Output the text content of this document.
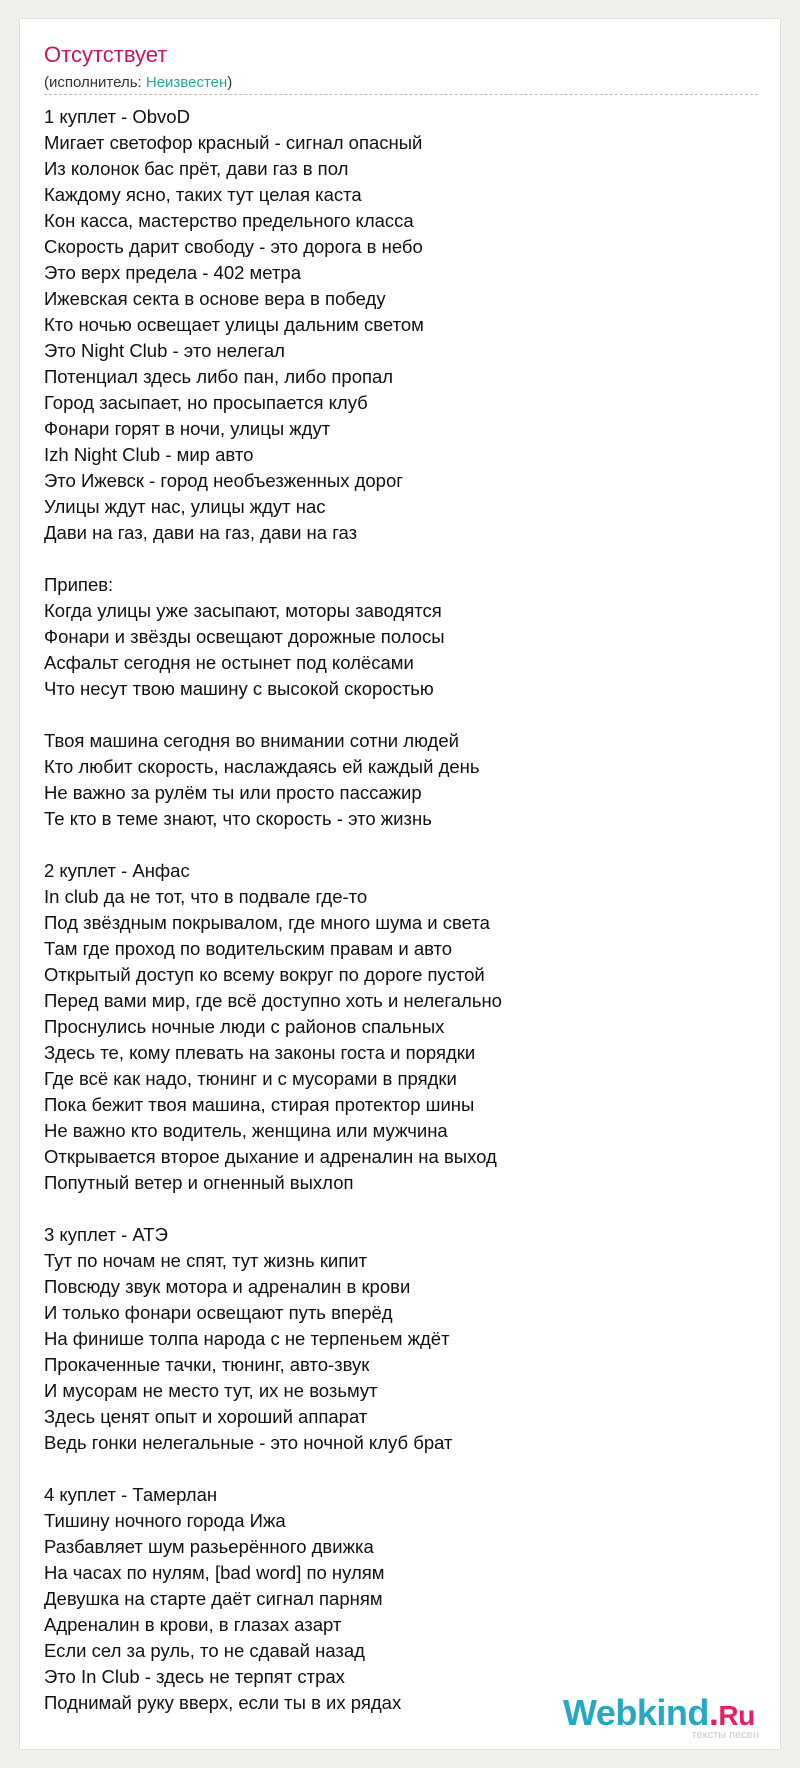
Отсутствует
(исполнитель: Неизвестен)
1 куплет - ObvoD
Мигает светофор красный - сигнал опасный
Из колонок бас прёт, дави газ в пол
Каждому ясно, таких тут целая каста
Кон касса, мастерство предельного класса
Скорость дарит свободу - это дорога в небо
Это верх предела - 402 метра
Ижевская секта в основе вера в победу
Кто ночью освещает улицы дальним светом
Это Night Club - это нелегал
Потенциал здесь либо пан, либо пропал
Город засыпает, но просыпается клуб
Фонари горят в ночи, улицы ждут
Izh Night Club - мир авто
Это Ижевск - город необъезженных дорог
Улицы ждут нас, улицы ждут нас
Дави на газ, дави на газ, дави на газ
Припев:
Когда улицы уже засыпают, моторы заводятся
Фонари и звёзды освещают дорожные полосы
Асфальт сегодня не остынет под колёсами
Что несут твою машину с высокой скоростью
Твоя машина сегодня во внимании сотни людей
Кто любит скорость, наслаждаясь ей каждый день
Не важно за рулём ты или просто пассажир
Те кто в теме знают, что скорость - это жизнь
2 куплет - Анфас
In club да не тот, что в подвале где-то
Под звёздным покрывалом, где много шума и света
Там где проход по водительским правам и авто
Открытый доступ ко всему вокруг по дороге пустой
Перед вами мир, где всё доступно хоть и нелегально
Проснулись ночные люди с районов спальных
Здесь те, кому плевать на законы госта и порядки
Где всё как надо, тюнинг и с мусорами в прядки
Пока бежит твоя машина, стирая протектор шины
Не важно кто водитель, женщина или мужчина
Открывается второе дыхание и адреналин на выход
Попутный ветер и огненный выхлоп
3 куплет - АТЭ
Тут по ночам не спят, тут жизнь кипит
Повсюду звук мотора и адреналин в крови
И только фонари освещают путь вперёд
На финише толпа народа с не терпеньем ждёт
Прокаченные тачки, тюнинг, авто-звук
И мусорам не место тут, их не возьмут
Здесь ценят опыт и хороший аппарат
Ведь гонки нелегальные - это ночной клуб брат
4 куплет - Тамерлан
Тишину ночного города Ижа
Разбавляет шум разьерённого движка
На часах по нулям, [bad word] по нулям
Девушка на старте даёт сигнал парням
Адреналин в крови, в глазах азарт
Если сел за руль, то не сдавай назад
Это In Club - здесь не терпят страх
Поднимай руку вверх, если ты в их рядах	Webkind.Ru
тексты песен
